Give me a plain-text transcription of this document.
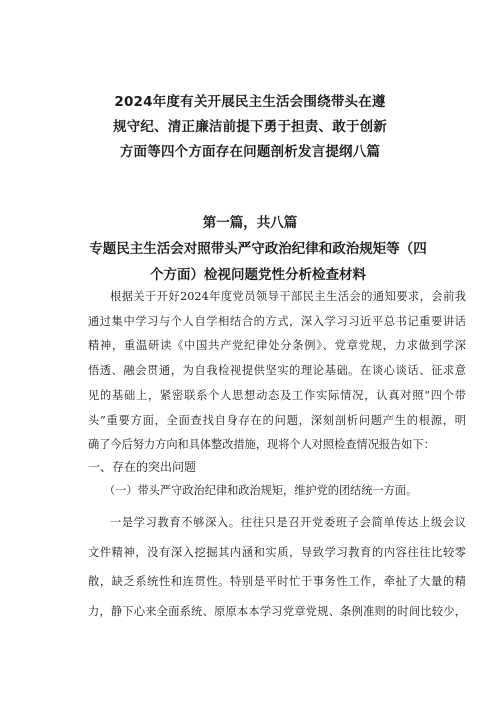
2024年度有关开展民主生活会围绕带头在遵
规守纪、清正廉洁前提下勇于担责、敢于创新
方面等四个方面存在问题剖析发言提纲八篇
第一篇，共八篇
专题民主生活会对照带头严守政治纪律和政治规矩等（四
个方面）检视问题党性分析检查材料
根据关于开好2024年度党员领导干部民主生活会的通知要求，会前我
通过集中学习与个人自学相结合的方式，深入学习习近平总书记重要讲话
精神，重温研读《中国共产党纪律处分条例》、党章党规，力求做到学深
悟透、融会贯通，为自我检视提供坚实的理论基础。在谈心谈话、征求意
见的基础上，紧密联系个人思想动态及工作实际情况，认真对照“四个带
头”重要方面，全面查找自身存在的问题，深刻剖析问题产生的根源，明
确了今后努力方向和具体整改措施，现将个人对照检查情况报告如下：
一、存在的突出问题
（一）带头严守政治纪律和政治规矩，维护党的团结统一方面。
一是学习教育不够深入。往往只是召开党委班子会简单传达上级会议
文件精神，没有深入挖掘其内涵和实质，导致学习教育的内容往往比较零
散，缺乏系统性和连贯性。特别是平时忙于事务性工作，牵扯了大量的精
力，静下心来全面系统、原原本本学习党章党规、条例准则的时间比较少，
